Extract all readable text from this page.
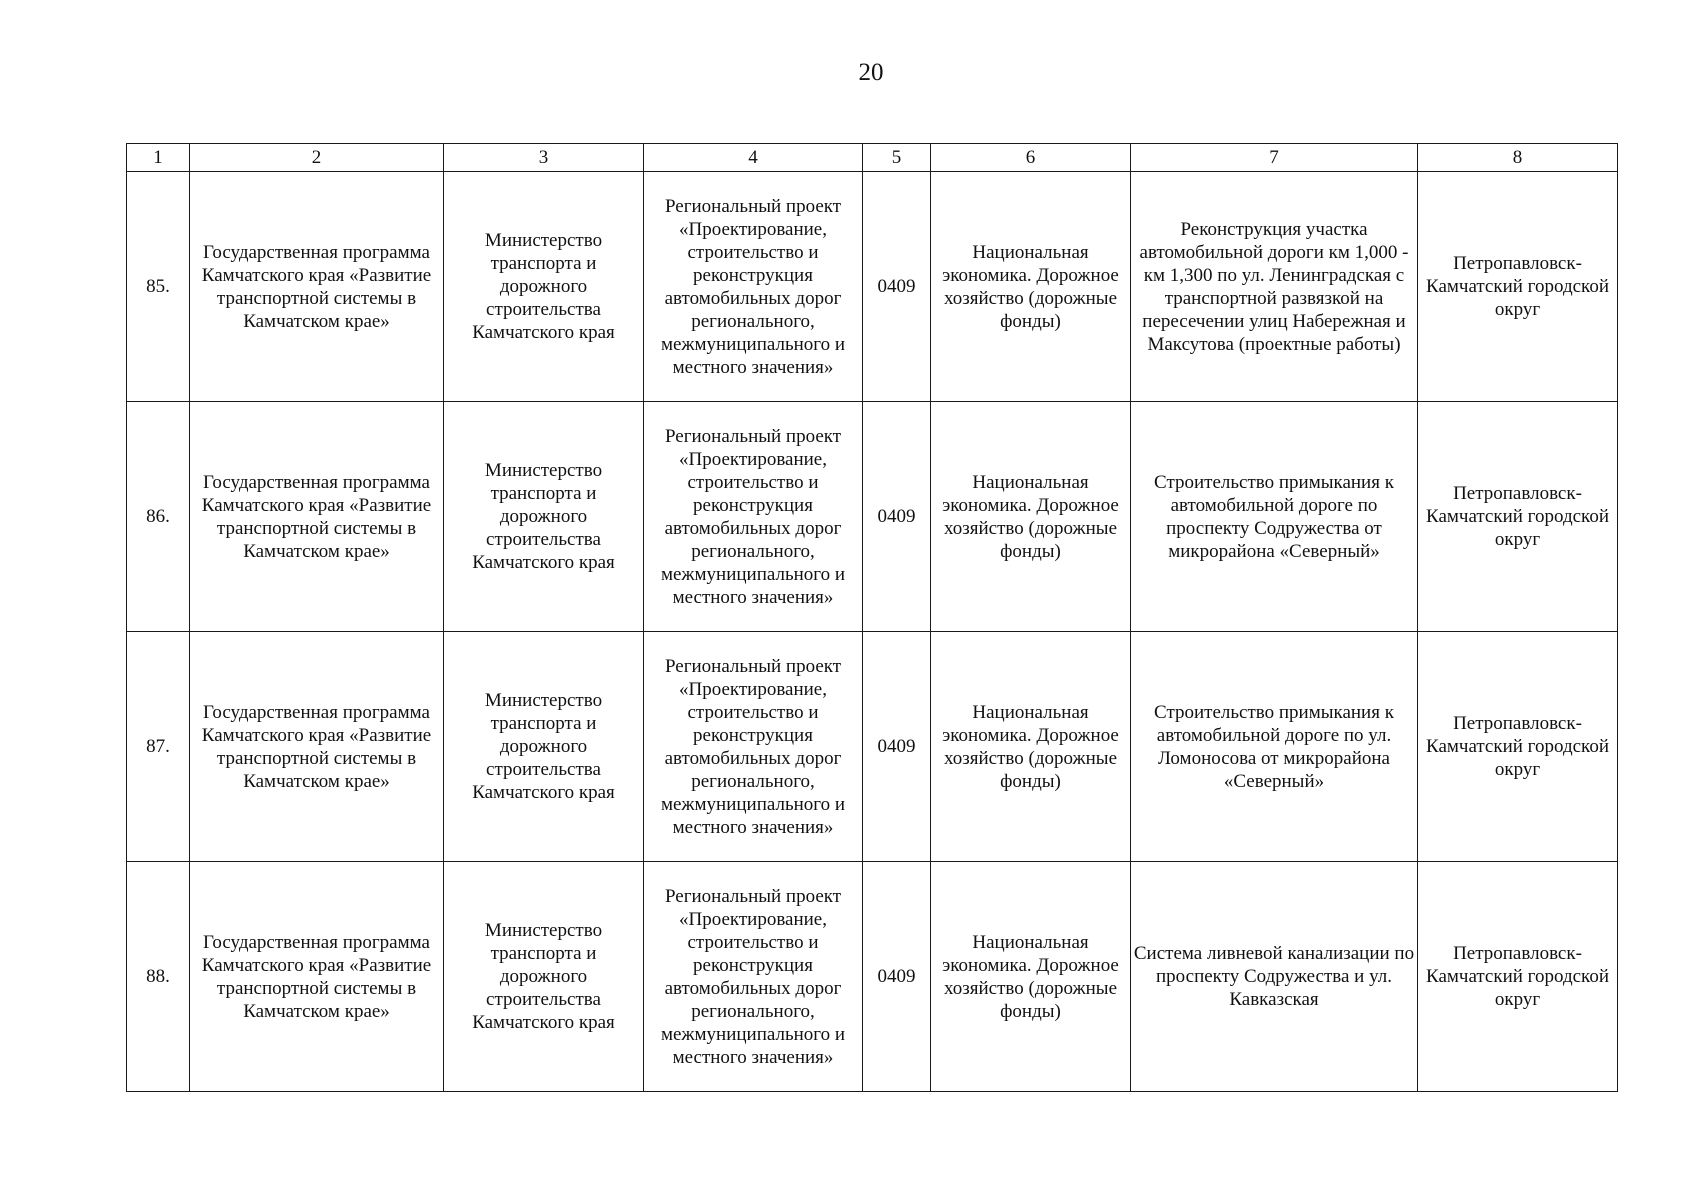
20
1	2	3	4	5	6	7	8
85.	Государственная программа Камчатского края «Развитие транспортной системы в Камчатском крае»	Министерство транспорта и дорожного строительства Камчатского края	Региональный проект «Проектирование, строительство и реконструкция автомобильных дорог регионального, межмуниципального и местного значения»	0409	Национальная экономика. Дорожное хозяйство (дорожные фонды)	Реконструкция участка автомобильной дороги км 1,000 - км 1,300 по ул. Ленинградская с транспортной развязкой на пересечении улиц Набережная и Максутова (проектные работы)	Петропавловск-Камчатский городской округ
86.	Государственная программа Камчатского края «Развитие транспортной системы в Камчатском крае»	Министерство транспорта и дорожного строительства Камчатского края	Региональный проект «Проектирование, строительство и реконструкция автомобильных дорог регионального, межмуниципального и местного значения»	0409	Национальная экономика. Дорожное хозяйство (дорожные фонды)	Строительство примыкания к автомобильной дороге по проспекту Содружества от микрорайона «Северный»	Петропавловск-Камчатский городской округ
87.	Государственная программа Камчатского края «Развитие транспортной системы в Камчатском крае»	Министерство транспорта и дорожного строительства Камчатского края	Региональный проект «Проектирование, строительство и реконструкция автомобильных дорог регионального, межмуниципального и местного значения»	0409	Национальная экономика. Дорожное хозяйство (дорожные фонды)	Строительство примыкания к автомобильной дороге по ул. Ломоносова от микрорайона «Северный»	Петропавловск-Камчатский городской округ
88.	Государственная программа Камчатского края «Развитие транспортной системы в Камчатском крае»	Министерство транспорта и дорожного строительства Камчатского края	Региональный проект «Проектирование, строительство и реконструкция автомобильных дорог регионального, межмуниципального и местного значения»	0409	Национальная экономика. Дорожное хозяйство (дорожные фонды)	Система ливневой канализации по проспекту Содружества и ул. Кавказская	Петропавловск-Камчатский городской округ
